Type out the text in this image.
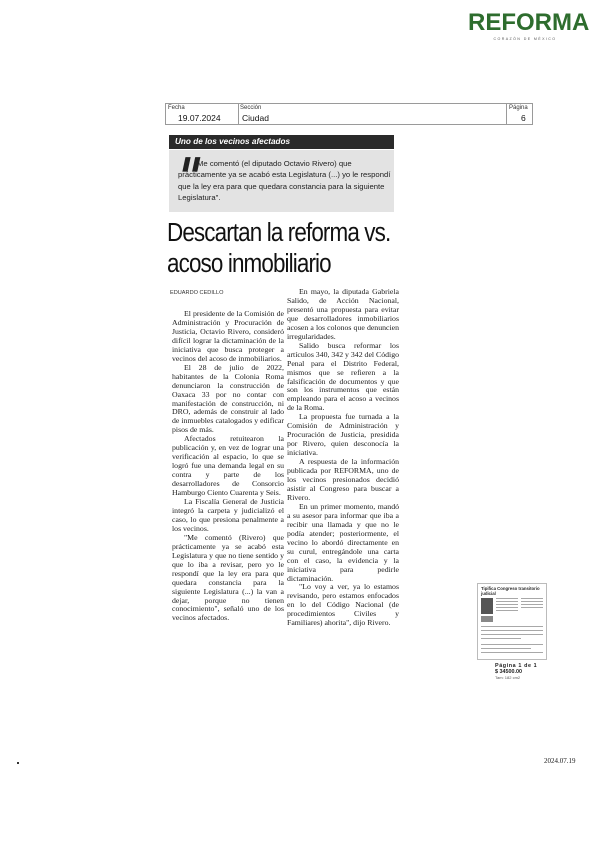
REFORMA
CORAZÓN DE MÉXICO
Fecha
19.07.2024
Sección
Ciudad
Página
6
Uno de los vecinos afectados
❚❚
Me comentó (el diputado Octavio Rivero) que prácticamente ya se acabó esta Legislatura (...) yo le respondí que la ley era para que quedara constancia para la siguiente Legislatura".
Descartan la reforma vs. acoso inmobiliario
EDUARDO CEDILLO

El presidente de la Comisión de Administración y Procuración de Justicia, Octavio Rivero, consideró difícil lograr la dictaminación de la iniciativa que busca proteger a vecinos del acoso de inmobiliarios.

El 28 de julio de 2022, habitantes de la Colonia Roma denunciaron la construcción de Oaxaca 33 por no contar con manifestación de construcción, ni DRO, además de construir al lado de inmuebles catalogados y edificar pisos de más.

Afectados retuitearon la publicación y, en vez de lograr una verificación al espacio, lo que se logró fue una demanda legal en su contra y parte de los desarrolladores de Consorcio Hamburgo Ciento Cuarenta y Seis.

La Fiscalía General de Justicia integró la carpeta y judicializó el caso, lo que presiona penalmente a los vecinos.

"Me comentó (Rivero) que prácticamente ya se acabó esta Legislatura y que no tiene sentido y que lo iba a revisar, pero yo le respondí que la ley era para que quedara constancia para la siguiente Legislatura (...) la van a dejar, porque no tienen conocimiento", señaló uno de los vecinos afectados.

En mayo, la diputada Gabriela Salido, de Acción Nacional, presentó una propuesta para evitar que desarrolladores inmobiliarios acosen a los colonos que denuncien irregularidades.

Salido busca reformar los artículos 340, 342 y 342 del Código Penal para el Distrito Federal, mismos que se refieren a la falsificación de documentos y que son los instrumentos que están empleando para el acoso a vecinos de la Roma.

La propuesta fue turnada a la Comisión de Administración y Procuración de Justicia, presidida por Rivero, quien desconocía la iniciativa.

A respuesta de la información publicada por REFORMA, uno de los vecinos presionados decidió asistir al Congreso para buscar a Rivero.

En un primer momento, mandó a su asesor para informar que iba a recibir una llamada y que no le podía atender; posteriormente, el vecino lo abordó directamente en su curul, entregándole una carta con el caso, la evidencia y la iniciativa para pedirle dictaminación.

"Lo voy a ver, ya lo estamos revisando, pero estamos enfocados en lo del Código Nacional (de procedimientos Civiles y Familiares) ahorita", dijo Rivero.

Tipifica Congreso transitorio judicial
Página 1 de 1
$ 34500.00
Tam: 182 cm2
2024.07.19
